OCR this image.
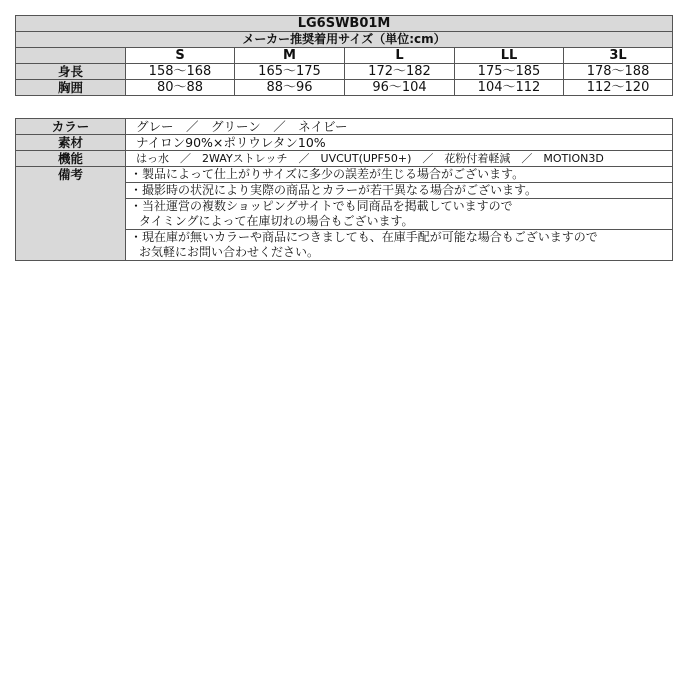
LG6SWB01M					
メーカー推奨着用サイズ（単位:cm）					
	S	M	L	LL	3L
身長	158〜168	165〜175	172〜182	175〜185	178〜188
胸囲	80〜88	88〜96	96〜104	104〜112	112〜120
カラー	グレー　／　グリーン　／　ネイビー
素材	ナイロン90%×ポリウレタン10%
機能	はっ水　／　2WAYストレッチ　／　UVCUT(UPF50+)　／　花粉付着軽減　／　MOTION3D
備考	・製品によって仕上がりサイズに多少の誤差が生じる場合がございます。

	・撮影時の状況により実際の商品とカラーが若干異なる場合がございます。

	・当社運営の複数ショッピングサイトでも同商品を掲載していますので
タイミングによって在庫切れの場合もございます。

	・現在庫が無いカラーや商品につきましても、在庫手配が可能な場合もございますので
お気軽にお問い合わせください。
